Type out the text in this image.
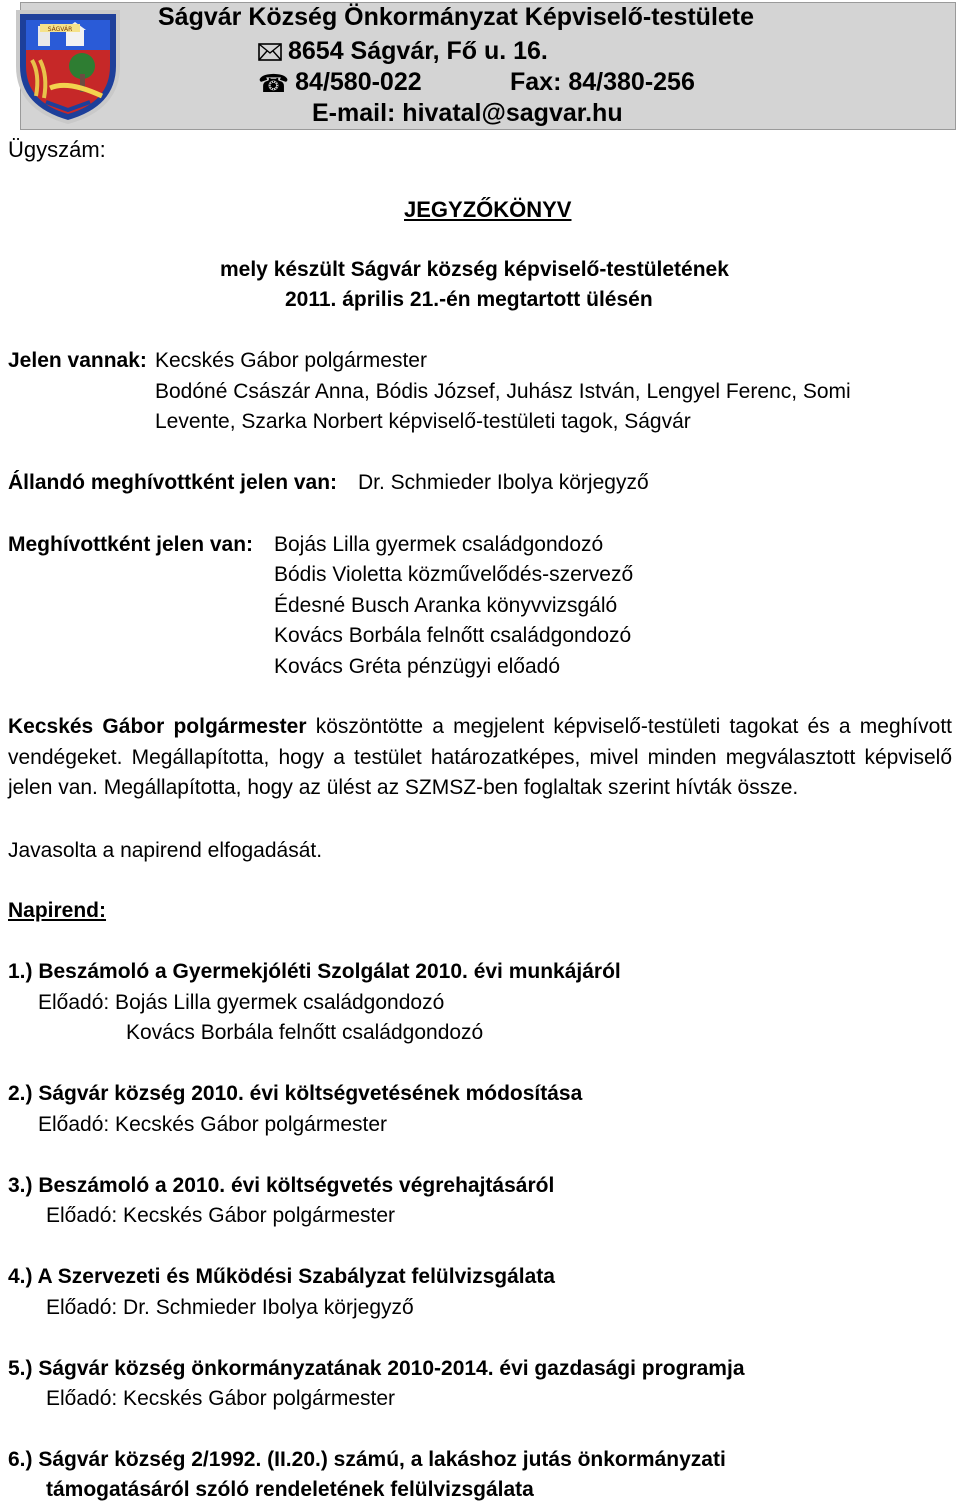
SÁGVÁR	Ságvár Község Önkormányzat Képviselő-testülete
8654 Ságvár, Fő u. 16.
☎ 84/580-022	Fax: 84/380-256
E-mail: hivatal@sagvar.hu
Ügyszám:
JEGYZŐKÖNYV
mely készült Ságvár község képviselő-testületének
2011. április 21.-én megtartott ülésén
Jelen vannak: Kecskés Gábor polgármester
Bodóné Császár Anna, Bódis József, Juhász István, Lengyel Ferenc, Somi
Levente, Szarka Norbert képviselő-testületi tagok, Ságvár
Állandó meghívottként jelen van: Dr. Schmieder Ibolya körjegyző
Meghívottként jelen van: Bojás Lilla gyermek családgondozó
Bódis Violetta közművelődés-szervező
Édesné Busch Aranka könyvvizsgáló
Kovács Borbála felnőtt családgondozó
Kovács Gréta pénzügyi előadó
Kecskés Gábor polgármester köszöntötte a megjelent képviselő-testületi tagokat és a meghívott vendégeket. Megállapította, hogy a testület határozatképes, mivel minden megválasztott képviselő jelen van. Megállapította, hogy az ülést az SZMSZ-ben foglaltak szerint hívták össze.
Javasolta a napirend elfogadását.
Napirend:
1.) Beszámoló a Gyermekjóléti Szolgálat 2010. évi munkájáról
Előadó: Bojás Lilla gyermek családgondozó
Kovács Borbála felnőtt családgondozó
2.) Ságvár község 2010. évi költségvetésének módosítása
Előadó: Kecskés Gábor polgármester
3.) Beszámoló a 2010. évi költségvetés végrehajtásáról
Előadó: Kecskés Gábor polgármester
4.) A Szervezeti és Működési Szabályzat felülvizsgálata
Előadó: Dr. Schmieder Ibolya körjegyző
5.) Ságvár község önkormányzatának 2010-2014. évi gazdasági programja
Előadó: Kecskés Gábor polgármester
6.) Ságvár község 2/1992. (II.20.) számú, a lakáshoz jutás önkormányzati
támogatásáról szóló rendeletének felülvizsgálata
